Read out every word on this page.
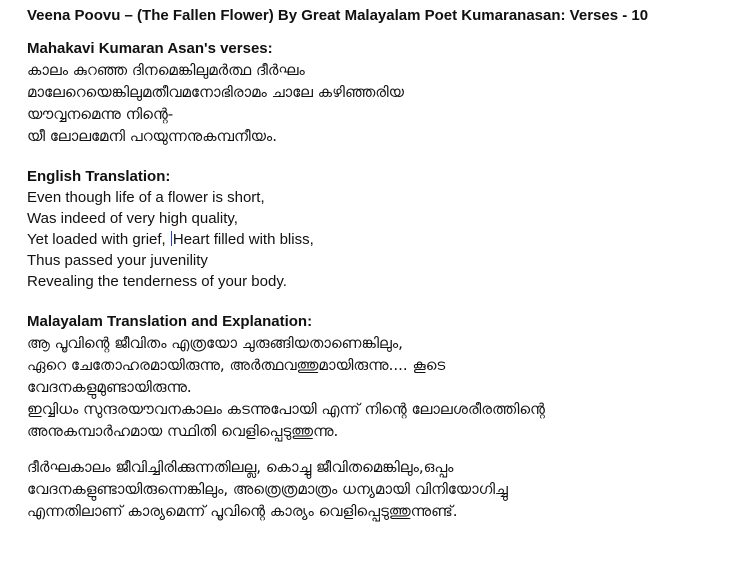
Veena Poovu – (The Fallen Flower) By Great Malayalam Poet Kumaranasan: Verses - 10

Mahakavi Kumaran Asan's verses:

കാലം കുറഞ്ഞ ദിനമെങ്കിലുമർത്ഥ ദീർഘം

മാലേറെയെങ്കിലുമതീവമനോഭിരാമം ചാലേ കഴിഞ്ഞരിയ

യൗവ്വനമെന്നു നിന്റെ-

യീ ലോലമേനി പറയുന്നനുകമ്പനീയം.

English Translation:

Even though life of a flower is short,

Was indeed of very high quality,

Yet loaded with grief, Heart filled with bliss,

Thus passed your juvenility

Revealing the tenderness of your body.

Malayalam Translation and Explanation:

ആ പൂവിന്റെ ജീവിതം എത്രയോ ചുരുങ്ങിയതാണെങ്കിലും,

ഏറെ ചേതോഹരമായിരുന്നു, അർത്ഥവത്തുമായിരുന്നു.... കൂടെ

വേദനകളുമുണ്ടായിരുന്നു.

ഇവ്വിധം സുന്ദരയൗവനകാലം കടന്നുപോയി എന്ന് നിന്റെ ലോലശരീരത്തിന്റെ

അനുകമ്പാർഹമായ സ്ഥിതി വെളിപ്പെടുത്തുന്നു.

ദീർഘകാലം ജീവിച്ചിരിക്കുന്നതിലല്ല, കൊച്ചു ജീവിതമെങ്കിലും,ഒപ്പം

വേദനകളുണ്ടായിരുന്നെങ്കിലും, അത്രെത്രമാത്രം ധന്യമായി വിനിയോഗിച്ചു

എന്നതിലാണ് കാര്യമെന്ന് പൂവിന്റെ കാര്യം വെളിപ്പെടുത്തുന്നുണ്ട്.
